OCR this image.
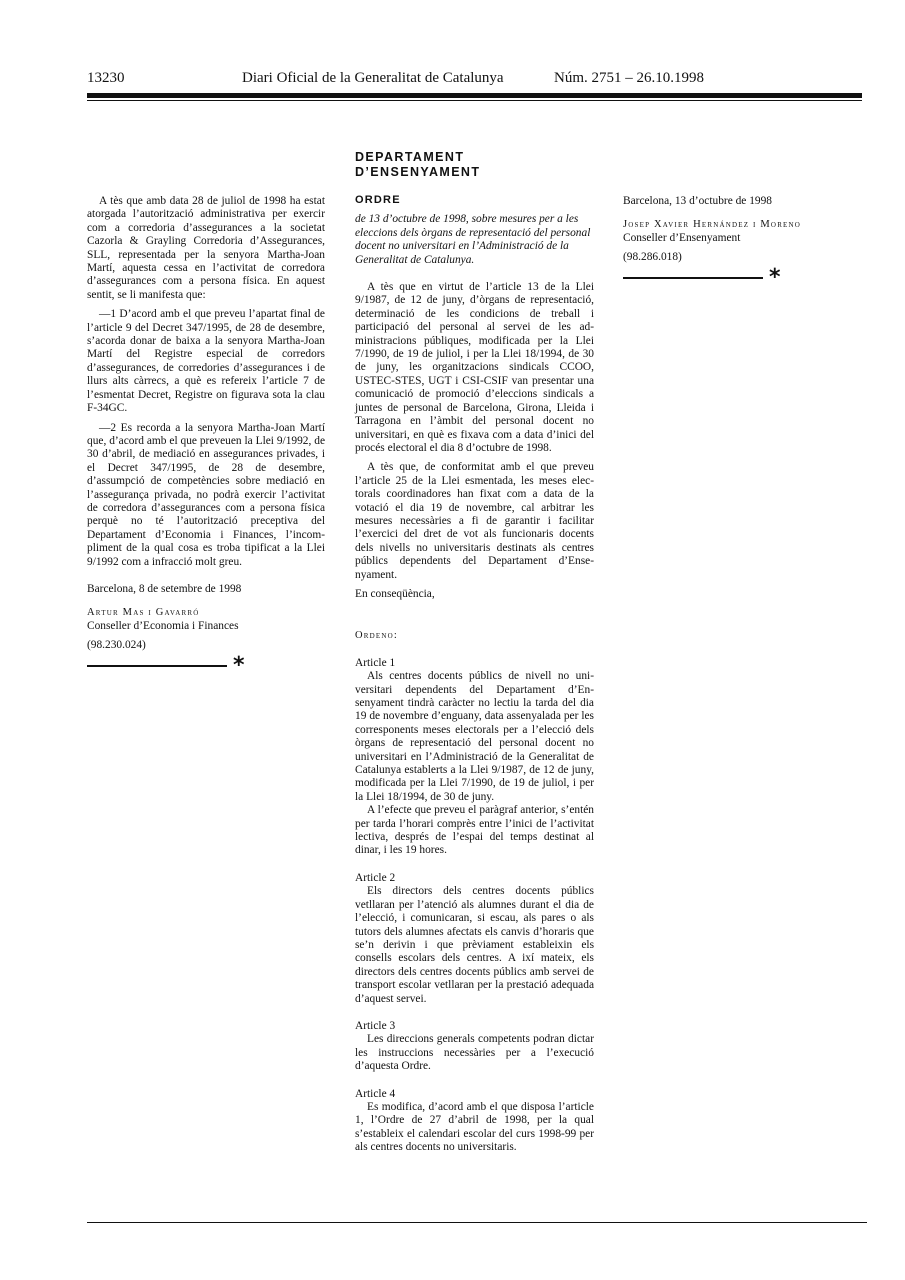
13230	Diari Oficial de la Generalitat de Catalunya	Núm. 2751 – 26.10.1998

A tès que amb data 28 de juliol de 1998 ha estat atorgada l’autorització administrativa per exercir com a corredoria d’assegurances a la societat Cazorla & Grayling Corredoria d’Assegurances, SLL, representada per la senyora Martha-Joan Martí, aquesta cessa en l’activitat de corredora d’assegurances com a persona física. En aquest sentit, se li manifesta que:

—1 D’acord amb el que preveu l’apartat final de l’article 9 del Decret 347/1995, de 28 de desembre, s’acorda donar de baixa a la senyora Martha-Joan Martí del Registre especial de corredors d’assegurances, de corredories d’assegurances i de llurs alts càrrecs, a què es refereix l’article 7 de l’esmentat Decret, Registre on figurava sota la clau F-34GC.

—2 Es recorda a la senyora Martha-Joan Martí que, d’acord amb el que preveuen la Llei 9/1992, de 30 d’abril, de mediació en assegurances privades, i el Decret 347/1995, de 28 de desembre, d’assumpció de competències sobre mediació en l’assegurança privada, no podrà exercir l’activitat de corredora d’assegurances com a persona física perquè no té l’autorització preceptiva del Departament d’Economia i Finances, l’incompliment de la qual cosa es troba tipificat a la Llei 9/1992 com a infracció molt greu.

Barcelona, 8 de setembre de 1998

Artur Mas i Gavarró

Conseller d’Economia i Finances

(98.230.024)

*
DEPARTAMENT D’ENSENYAMENT

ORDRE

de 13 d’octubre de 1998, sobre mesures per a les eleccions dels òrgans de representació del personal docent no universitari en l’Administració de la Generalitat de Catalunya.

A tès que en virtut de l’article 13 de la Llei 9/1987, de 12 de juny, d’òrgans de representació, determinació de les condicions de treball i participació del personal al servei de les administracions públiques, modificada per la Llei 7/1990, de 19 de juliol, i per la Llei 18/1994, de 30 de juny, les organitzacions sindicals CCOO, USTEC-STES, UGT i CSI-CSIF van presentar una comunicació de promoció d’eleccions sindicals a juntes de personal de Barcelona, Girona, Lleida i Tarragona en l’àmbit del personal docent no universitari, en què es fixava com a data d’inici del procés electoral el dia 8 d’octubre de 1998.

A tès que, de conformitat amb el que preveu l’article 25 de la Llei esmentada, les meses electorals coordinadores han fixat com a data de la votació el dia 19 de novembre, cal arbitrar les mesures necessàries a fi de garantir i facilitar l’exercici del dret de vot als funcionaris docents dels nivells no universitaris destinats als centres públics dependents del Departament d’Ensenyament.

En conseqüència,

Ordeno:

Article 1

Als centres docents públics de nivell no universitari dependents del Departament d’Ensenyament tindrà caràcter no lectiu la tarda del dia 19 de novembre d’enguany, data assenyalada per les corresponents meses electorals per a l’elecció dels òrgans de representació del personal docent no universitari en l’Administració de la Generalitat de Catalunya establerts a la Llei 9/1987, de 12 de juny, modificada per la Llei 7/1990, de 19 de juliol, i per la Llei 18/1994, de 30 de juny.

A l’efecte que preveu el paràgraf anterior, s’entén per tarda l’horari comprès entre l’inici de l’activitat lectiva, després de l’espai del temps destinat al dinar, i les 19 hores.

Article 2

Els directors dels centres docents públics vetllaran per l’atenció als alumnes durant el dia de l’elecció, i comunicaran, si escau, als pares o als tutors dels alumnes afectats els canvis d’horaris que se’n derivin i que prèviament estableixin els consells escolars dels centres. A ixí mateix, els directors dels centres docents públics amb servei de transport escolar vetllaran per la prestació adequada d’aquest servei.

Article 3

Les direccions generals competents podran dictar les instruccions necessàries per a l’execució d’aquesta Ordre.

Article 4

Es modifica, d’acord amb el que disposa l’article 1, l’Ordre de 27 d’abril de 1998, per la qual s’estableix el calendari escolar del curs 1998-99 per als centres docents no universitaris.

Barcelona, 13 d’octubre de 1998

Josep Xavier Hernández i Moreno

Conseller d’Ensenyament

(98.286.018)

*
